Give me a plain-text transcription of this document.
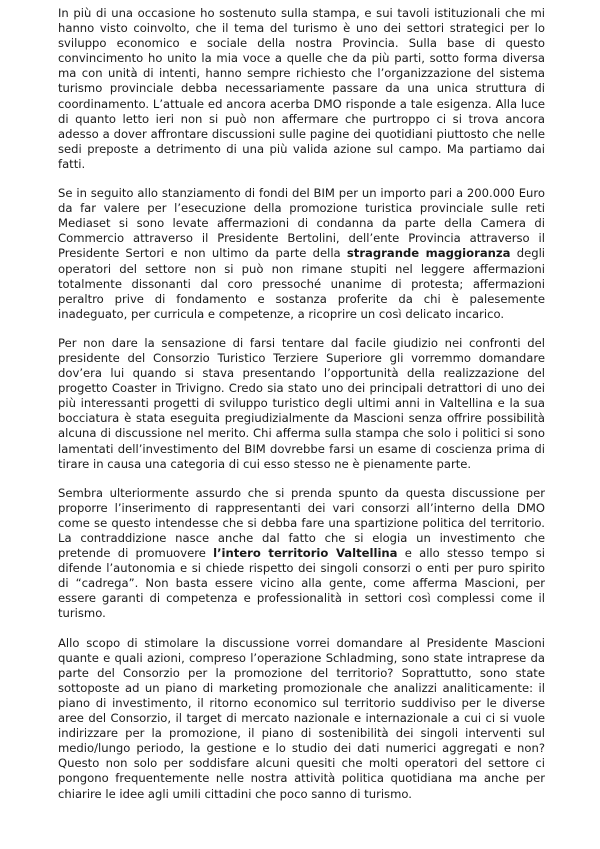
In più di una occasione ho sostenuto sulla stampa, e sui tavoli istituzionali che mi hanno visto coinvolto, che il tema del turismo è uno dei settori strategici per lo sviluppo economico e sociale della nostra Provincia. Sulla base di questo convincimento ho unito la mia voce a quelle che da più parti, sotto forma diversa ma con unità di intenti, hanno sempre richiesto che l’organizzazione del sistema turismo provinciale debba necessariamente passare da una unica struttura di coordinamento. L’attuale ed ancora acerba DMO risponde a tale esigenza. Alla luce di quanto letto ieri non si può non affermare che purtroppo ci si trova ancora adesso a dover affrontare discussioni sulle pagine dei quotidiani piuttosto che nelle sedi preposte a detrimento di una più valida azione sul campo. Ma partiamo dai fatti.

Se in seguito allo stanziamento di fondi del BIM per un importo pari a 200.000 Euro da far valere per l’esecuzione della promozione turistica provinciale sulle reti Mediaset si sono levate affermazioni di condanna da parte della Camera di Commercio attraverso il Presidente Bertolini, dell’ente Provincia attraverso il Presidente Sertori e non ultimo da parte della stragrande maggioranza degli operatori del settore non si può non rimane stupiti nel leggere affermazioni totalmente dissonanti dal coro pressoché unanime di protesta; affermazioni peraltro prive di fondamento e sostanza proferite da chi è palesemente inadeguato, per curricula e competenze, a ricoprire un così delicato incarico.

Per non dare la sensazione di farsi tentare dal facile giudizio nei confronti del presidente del Consorzio Turistico Terziere Superiore gli vorremmo domandare dov’era lui quando si stava presentando l’opportunità della realizzazione del progetto Coaster in Trivigno. Credo sia stato uno dei principali detrattori di uno dei più interessanti progetti di sviluppo turistico degli ultimi anni in Valtellina e la sua bocciatura è stata eseguita pregiudizialmente da Mascioni senza offrire possibilità alcuna di discussione nel merito. Chi afferma sulla stampa che solo i politici si sono lamentati dell’investimento del BIM dovrebbe farsi un esame di coscienza prima di tirare in causa una categoria di cui esso stesso ne è pienamente parte.

Sembra ulteriormente assurdo che si prenda spunto da questa discussione per proporre l’inserimento di rappresentanti dei vari consorzi all’interno della DMO come se questo intendesse che si debba fare una spartizione politica del territorio. La contraddizione nasce anche dal fatto che si elogia un investimento che pretende di promuovere l’intero territorio Valtellina e allo stesso tempo si difende l’autonomia e si chiede rispetto dei singoli consorzi o enti per puro spirito di “cadrega”. Non basta essere vicino alla gente, come afferma Mascioni, per essere garanti di competenza e professionalità in settori così complessi come il turismo.

Allo scopo di stimolare la discussione vorrei domandare al Presidente Mascioni quante e quali azioni, compreso l’operazione Schladming, sono state intraprese da parte del Consorzio per la promozione del territorio? Soprattutto, sono state sottoposte ad un piano di marketing promozionale che analizzi analiticamente: il piano di investimento, il ritorno economico sul territorio suddiviso per le diverse aree del Consorzio, il target di mercato nazionale e internazionale a cui ci si vuole indirizzare per la promozione, il piano di sostenibilità dei singoli interventi sul medio/lungo periodo, la gestione e lo studio dei dati numerici aggregati e non? Questo non solo per soddisfare alcuni quesiti che molti operatori del settore ci pongono frequentemente nelle nostra attività politica quotidiana ma anche per chiarire le idee agli umili cittadini che poco sanno di turismo.
